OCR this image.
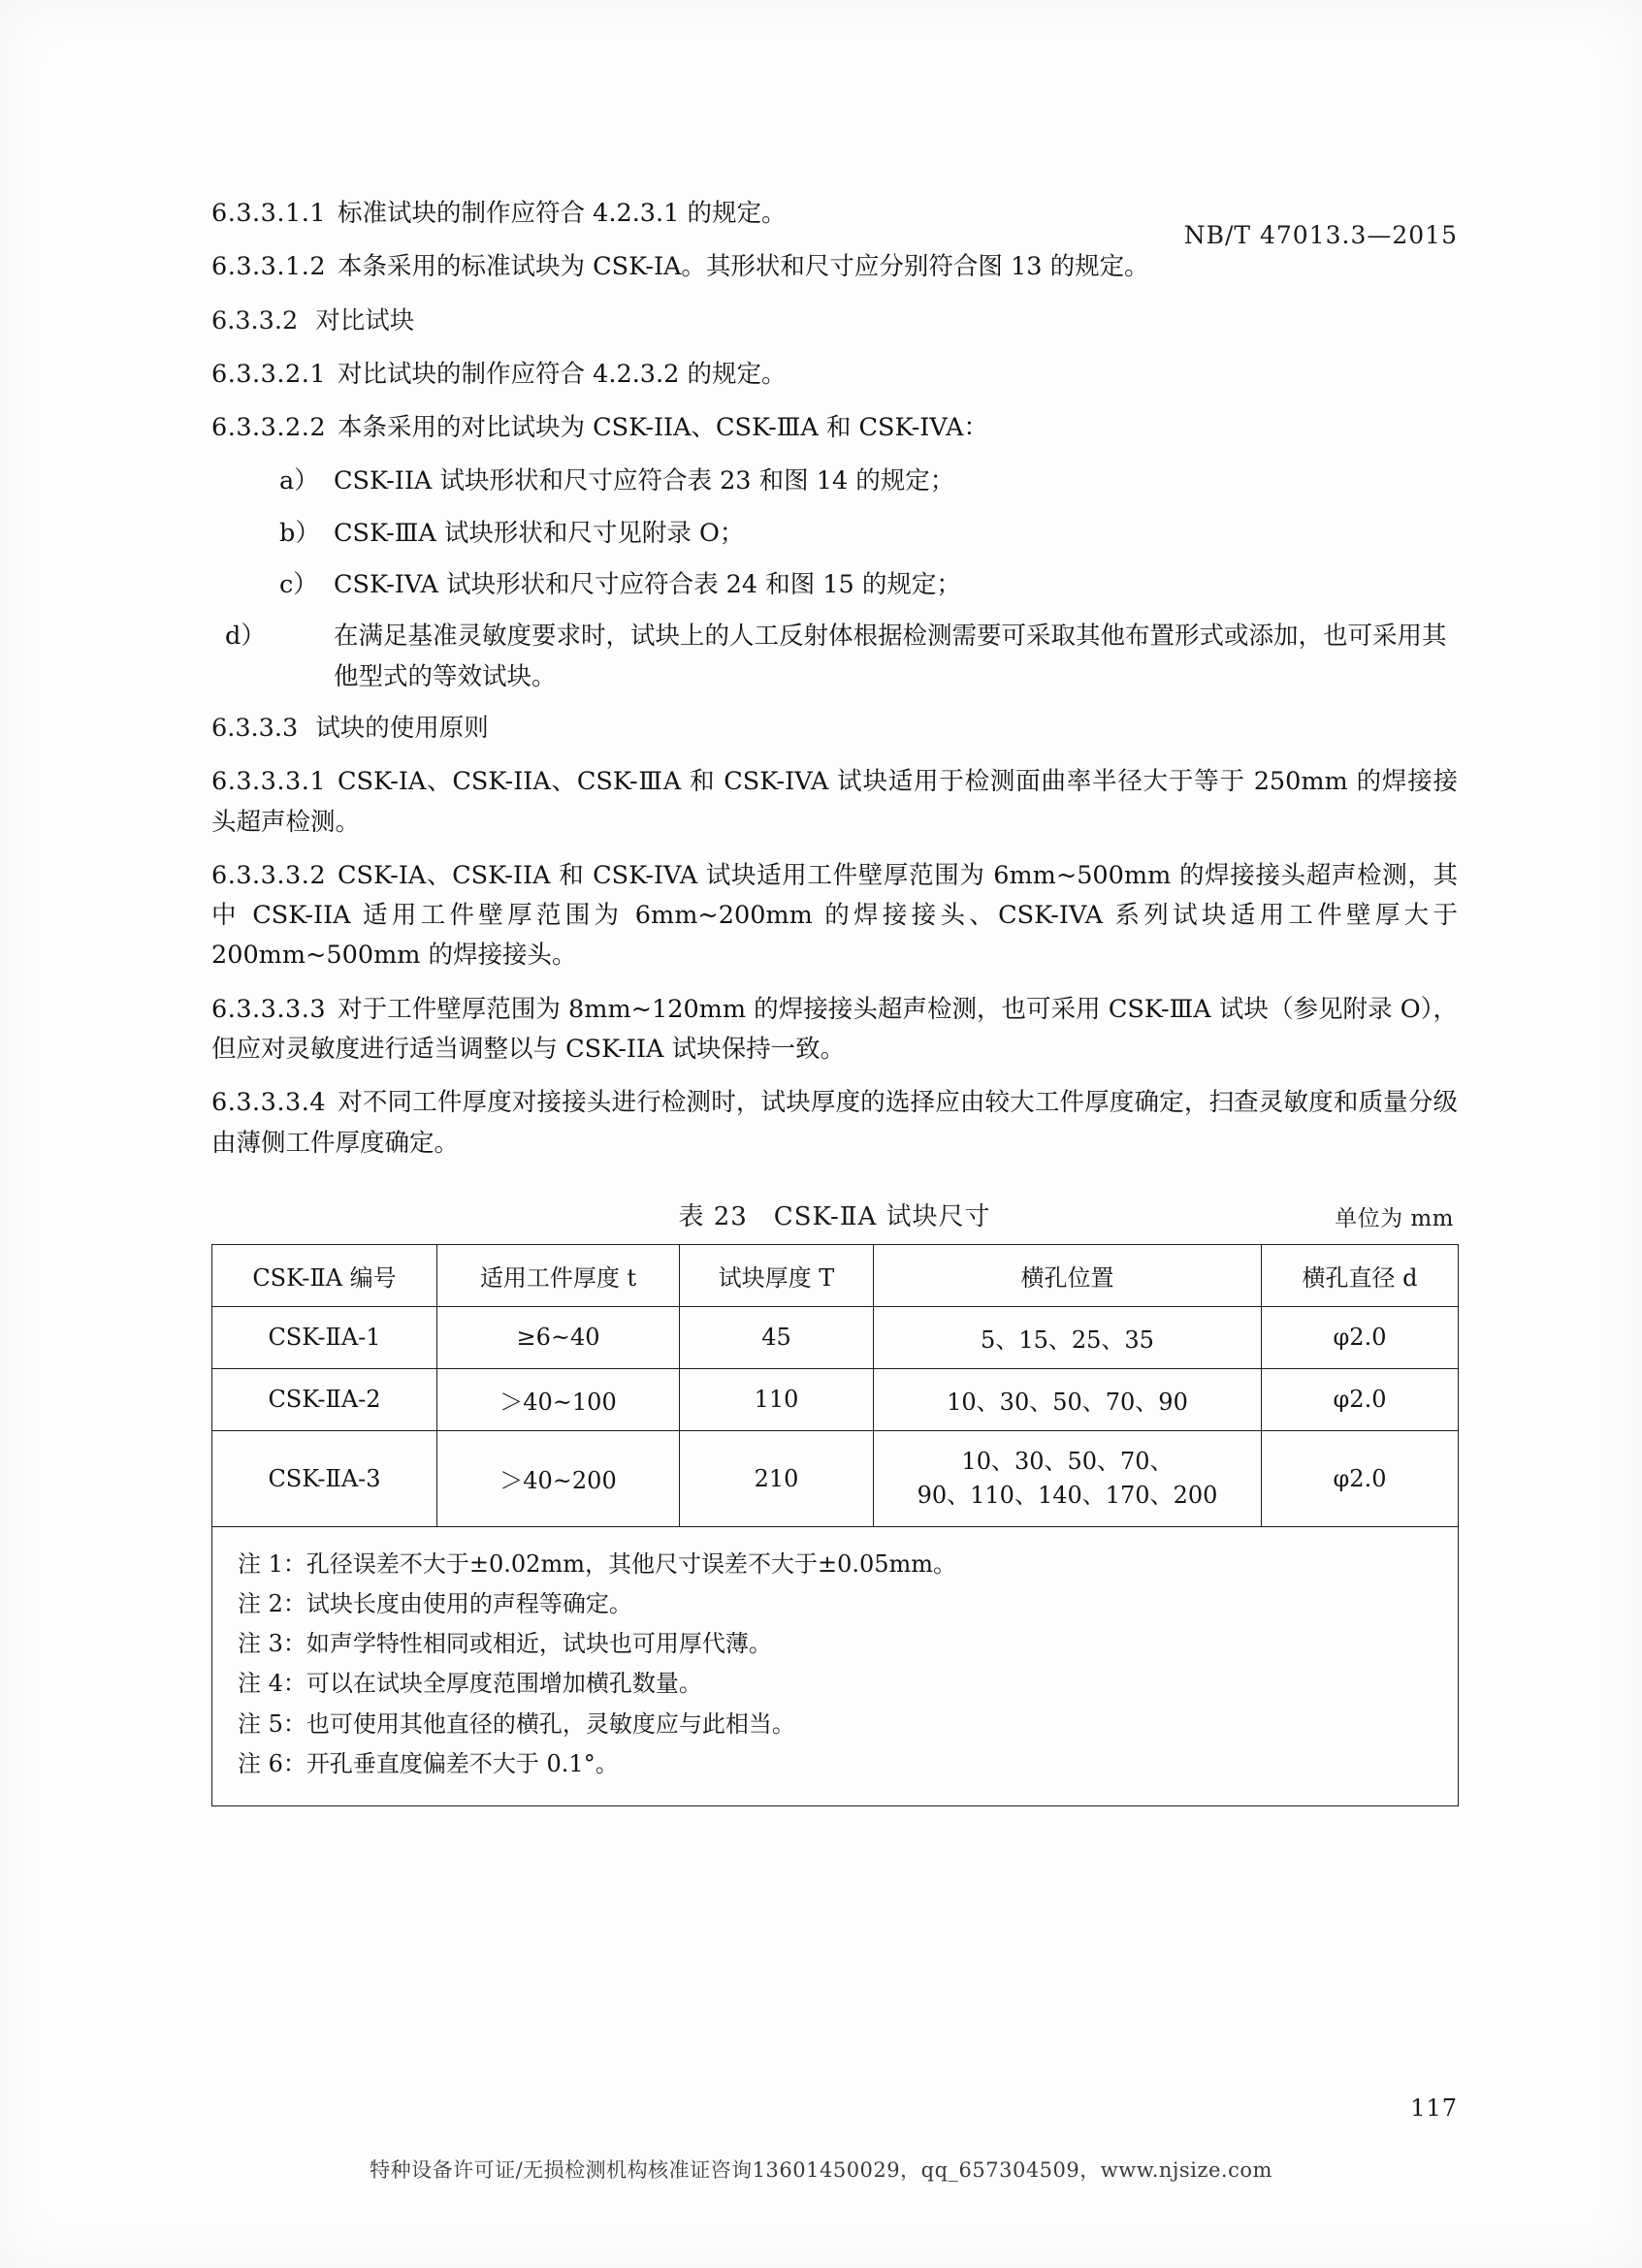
NB/T 47013.3—2015

6.3.3.1.1 标准试块的制作应符合 4.2.3.1 的规定。

6.3.3.1.2 本条采用的标准试块为 CSK-IA。其形状和尺寸应分别符合图 13 的规定。

6.3.3.2 对比试块

6.3.3.2.1 对比试块的制作应符合 4.2.3.2 的规定。

6.3.3.2.2 本条采用的对比试块为 CSK-IIA、CSK-ⅢA 和 CSK-IVA：

a） CSK-IIA 试块形状和尺寸应符合表 23 和图 14 的规定；

b） CSK-ⅢA 试块形状和尺寸见附录 O；

c） CSK-IVA 试块形状和尺寸应符合表 24 和图 15 的规定；

d）	在满足基准灵敏度要求时，试块上的人工反射体根据检测需要可采取其他布置形式或添加，也可采用其他型式的等效试块。

6.3.3.3 试块的使用原则

6.3.3.3.1 CSK-IA、CSK-IIA、CSK-ⅢA 和 CSK-IVA 试块适用于检测面曲率半径大于等于 250mm 的焊接接头超声检测。

6.3.3.3.2 CSK-IA、CSK-IIA 和 CSK-IVA 试块适用工件壁厚范围为 6mm~500mm 的焊接接头超声检测，其中 CSK-IIA 适用工件壁厚范围为 6mm~200mm 的焊接接头、CSK-IVA 系列试块适用工件壁厚大于 200mm~500mm 的焊接接头。

6.3.3.3.3 对于工件壁厚范围为 8mm~120mm 的焊接接头超声检测，也可采用 CSK-ⅢA 试块（参见附录 O），但应对灵敏度进行适当调整以与 CSK-IIA 试块保持一致。

6.3.3.3.4 对不同工件厚度对接接头进行检测时，试块厚度的选择应由较大工件厚度确定，扫查灵敏度和质量分级由薄侧工件厚度确定。

表 23　CSK-ⅡA 试块尺寸	单位为 mm
CSK-ⅡA 编号	适用工件厚度 t	试块厚度 T	横孔位置	横孔直径 d
CSK-ⅡA-1	≥6~40	45	5、15、25、35	φ2.0
CSK-ⅡA-2	＞40~100	110	10、30、50、70、90	φ2.0
CSK-ⅡA-3	＞40~200	210	10、30、50、70、
90、110、140、170、200	φ2.0

注 1：孔径误差不大于±0.02mm，其他尺寸误差不大于±0.05mm。

注 2：试块长度由使用的声程等确定。

注 3：如声学特性相同或相近，试块也可用厚代薄。

注 4：可以在试块全厚度范围增加横孔数量。

注 5：也可使用其他直径的横孔，灵敏度应与此相当。

注 6：开孔垂直度偏差不大于 0.1°。

117
特种设备许可证/无损检测机构核准证咨询13601450029，qq_657304509，www.njsize.com
